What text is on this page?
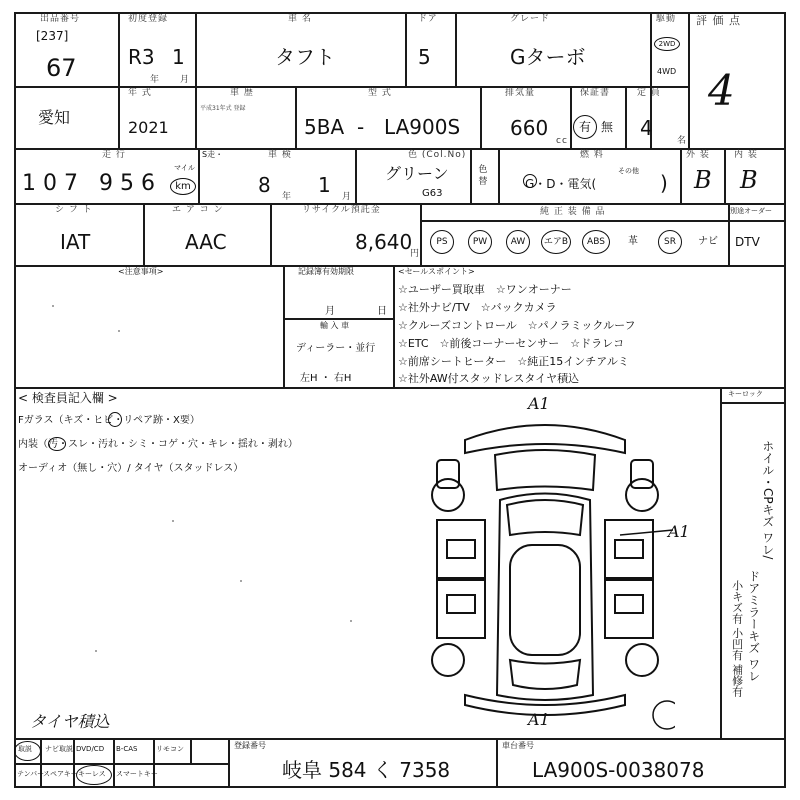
出品番号
[237]
67
初度登録
R3 1
年 月
車 名
タフト
ドア
5
グレード
Gターボ
駆動
2WD
4WD
評 価 点
4
愛知
年 式
2021
車 歴
平成31年式 登録
型 式
5BA - LA900S
排気量
660
cc
保証書
有 無
定 員
4
名
走 行
107 956
マイル
km
S走・	車 検
8 年 1 月
色 (Col.No)
グリーン
G63
色 替
燃 料
その他
G・D・電気(	)
外 装
B
内 装
B
シ フ ト
IAT
エ ア コ ン
AAC
リサイクル預託金
8,640
円
純 正 装 備 品	別途オーダー
PS	PW	AW	エアB	ABS	革	SR	ナビ DTV
<注意事項>	記録簿有効期限
月	日
輸 入 車
ディーラー・並行
左H ・ 右H
<セールスポイント>
☆ユーザー買取車　☆ワンオーナー
☆社外ナビ/TV　☆バックカメラ
☆クルーズコントロール　☆パノラミックルーフ
☆ETC　☆前後コーナーセンサー　☆ドラレコ
☆前席シートヒーター　☆純正15インチアルミ
☆社外AW付スタッドレスタイヤ積込
< 検査員記入欄 >
Fガラス（キズ・ヒビ・リペア跡・X要）
内装（汚・スレ・汚れ・シミ・コゲ・穴・キレ・揺れ・剥れ）
オーディオ（無し・穴）/ タイヤ（スタッドレス）
タイヤ積込
キーロック
ホイル・CPキズ ワレ/
ドアミラーキズ ワレ
小キズ有 小凹有 補修有
A1
A1
A1
取説 ナビ取説 DVD/CD B-CAS	リモコン
テンパー
スペアキー キーレス スマートキー
登録番号
岐阜 584 く 7358
車台番号
LA900S-0038078
